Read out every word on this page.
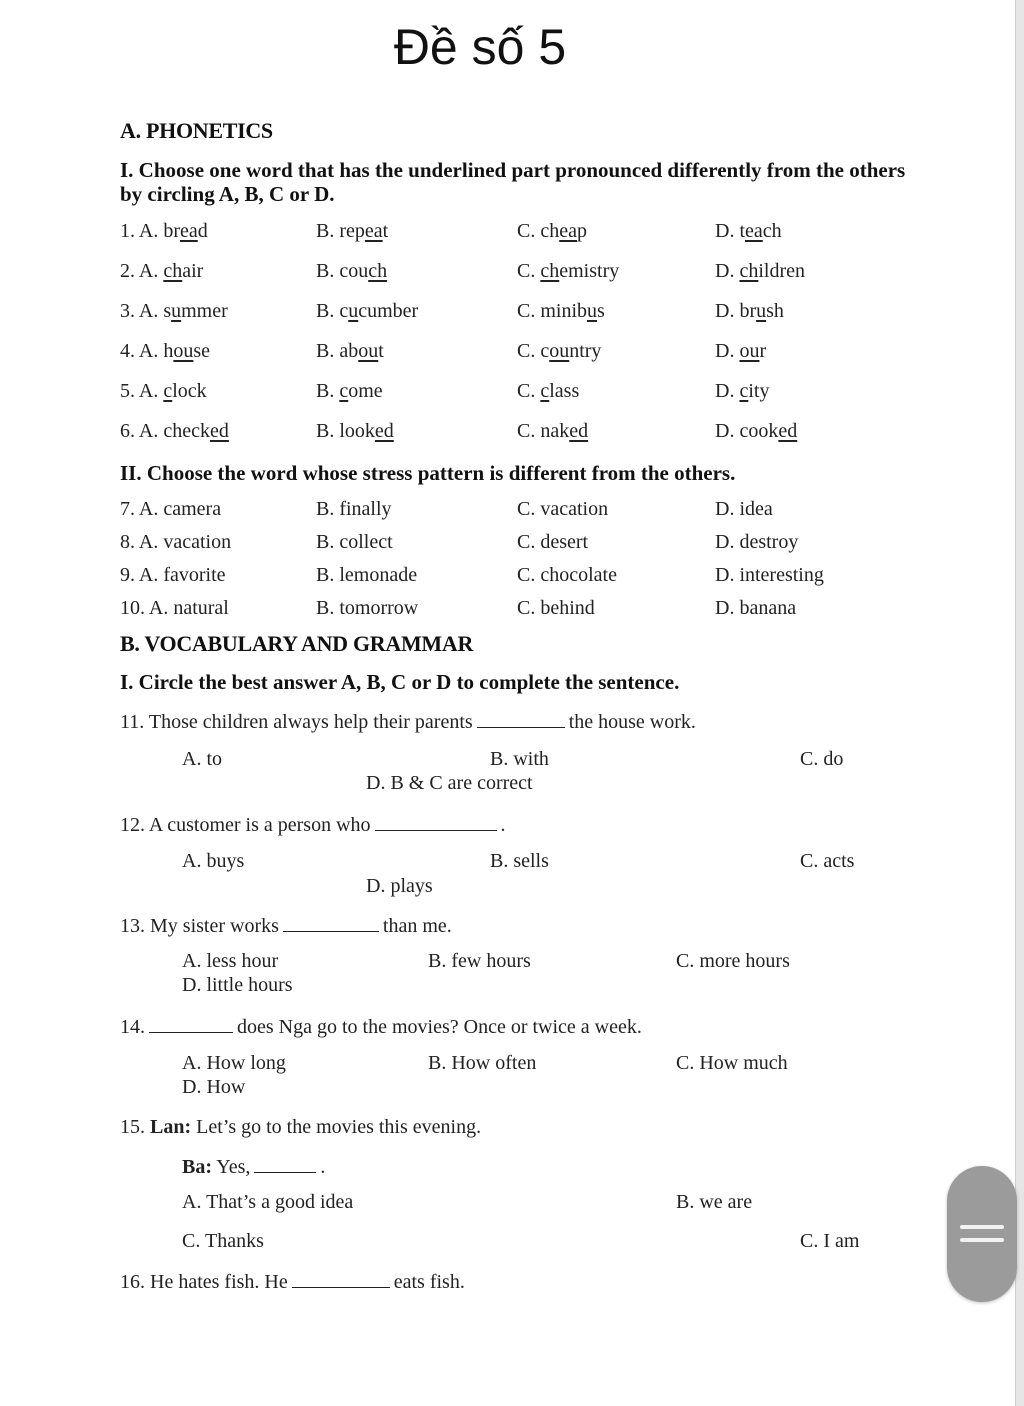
Đề số 5
A. PHONETICS
I. Choose one word that has the underlined part pronounced differently from the others by circling A, B, C or D.
1. A. bread	B. repeat	C. cheap	D. teach
2. A. chair	B. couch	C. chemistry	D. children
3. A. summer	B. cucumber	C. minibus	D. brush
4. A. house	B. about	C. country	D. our
5. A. clock	B. come	C. class	D. city
6. A. checked	B. looked	C. naked	D. cooked
II. Choose the word whose stress pattern is different from the others.
7. A. camera	B. finally	C. vacation	D. idea
8. A. vacation	B. collect	C. desert	D. destroy
9. A. favorite	B. lemonade	C. chocolate	D. interesting
10. A. natural	B. tomorrow	C. behind	D. banana
B. VOCABULARY AND GRAMMAR
I. Circle the best answer A, B, C or D to complete the sentence.
11. Those children always help their parents	the house work.
A. to	B. with	C. do
D. B & C are correct
12. A customer is a person who	.
A. buys	B. sells	C. acts
D. plays
13. My sister works	than me.
A. less hour	B. few hours	C. more hours
D. little hours
14.	does Nga go to the movies? Once or twice a week.
A. How long	B. How often	C. How much
D. How
15. Lan: Let’s go to the movies this evening.
Ba: Yes,	.
A. That’s a good idea	B. we are
C. Thanks	C. I am
16. He hates fish. He	eats fish.
